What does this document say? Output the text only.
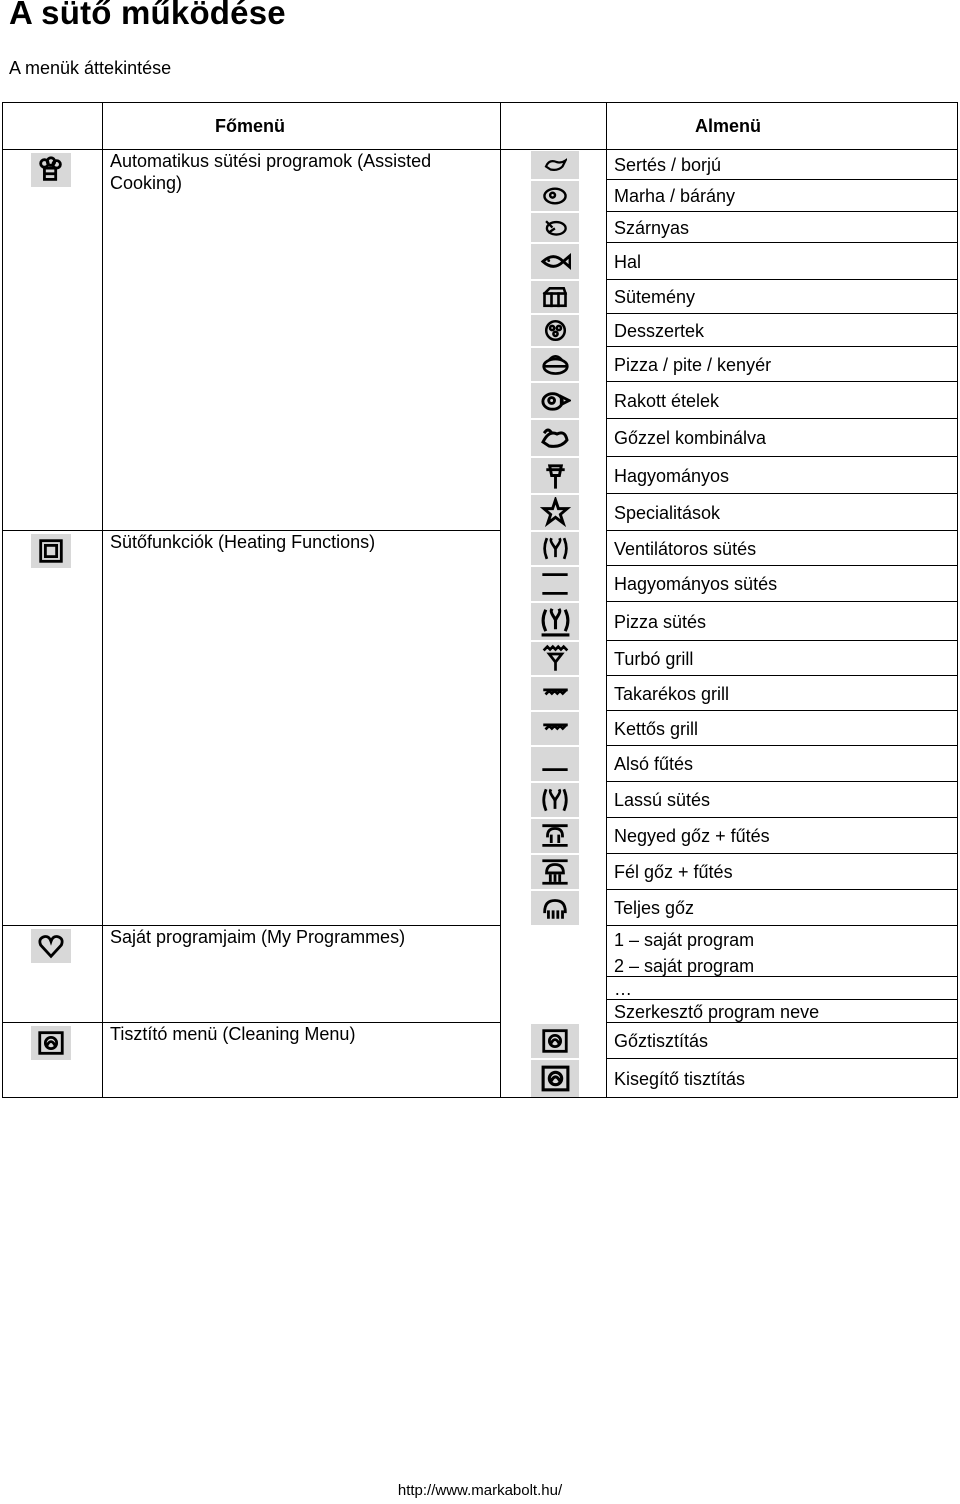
A sütő működése

A menük áttekintése

Főmenü	Almenü
Automatikus sütési programok (Assisted Cooking)
Sütőfunkciók (Heating Functions)
Saját programjaim (My Programmes)
Tisztító menü (Cleaning Menu)
Sertés / borjú
Marha / bárány
Szárnyas
Hal
Sütemény
Desszertek
Pizza / pite / kenyér
Rakott ételek
Gőzzel kombinálva
Hagyományos
Specialitások
Ventilátoros sütés
Hagyományos sütés
Pizza sütés
Turbó grill
Takarékos grill
Kettős grill
Alsó fűtés
Lassú sütés
Negyed gőz + fűtés
Fél gőz + fűtés
Teljes gőz
1 – saját program
2 – saját program
…
Szerkesztő program neve
Gőztisztítás
Kisegítő tisztítás
http://www.markabolt.hu/
